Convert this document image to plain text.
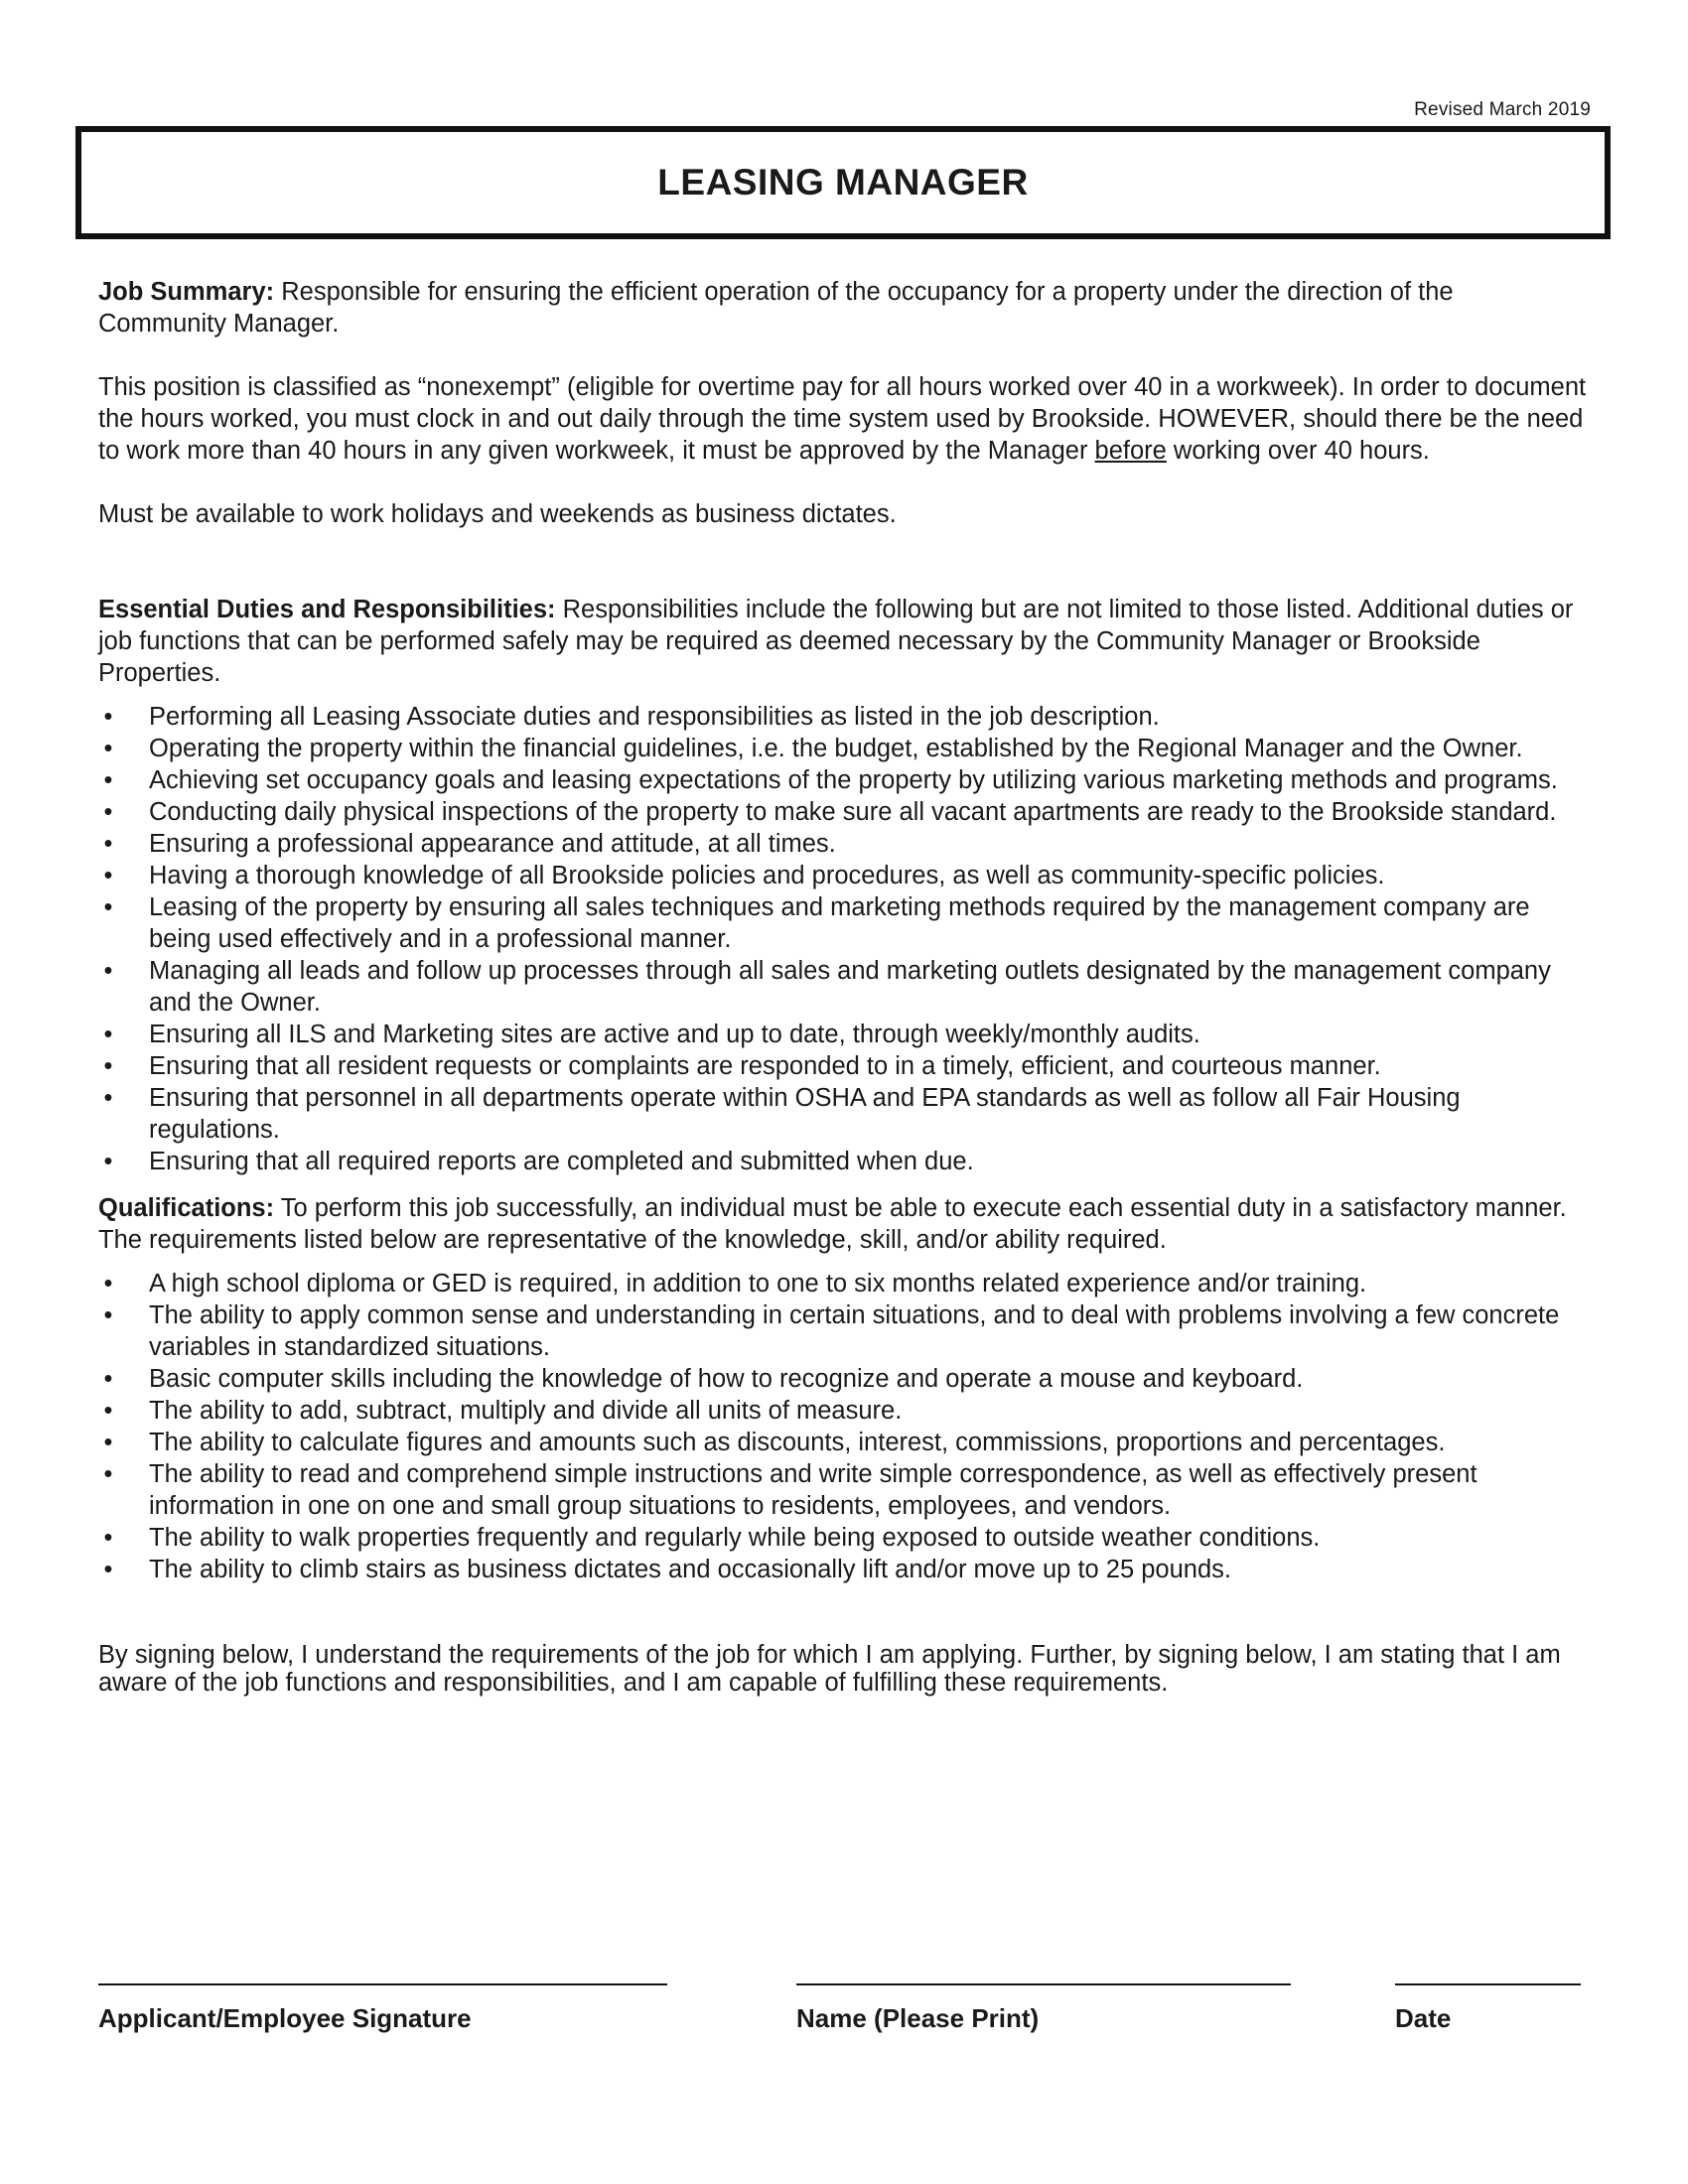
Revised March 2019
LEASING MANAGER

Job Summary: Responsible for ensuring the efficient operation of the occupancy for a property under the direction of the Community Manager.

This position is classified as “nonexempt” (eligible for overtime pay for all hours worked over 40 in a workweek). In order to document the hours worked, you must clock in and out daily through the time system used by Brookside. HOWEVER, should there be the need to work more than 40 hours in any given workweek, it must be approved by the Manager before working over 40 hours.

Must be available to work holidays and weekends as business dictates.

Essential Duties and Responsibilities: Responsibilities include the following but are not limited to those listed. Additional duties or job functions that can be performed safely may be required as deemed necessary by the Community Manager or Brookside Properties.

• Performing all Leasing Associate duties and responsibilities as listed in the job description.
• Operating the property within the financial guidelines, i.e. the budget, established by the Regional Manager and the Owner.
• Achieving set occupancy goals and leasing expectations of the property by utilizing various marketing methods and programs.
• Conducting daily physical inspections of the property to make sure all vacant apartments are ready to the Brookside standard.
• Ensuring a professional appearance and attitude, at all times.
• Having a thorough knowledge of all Brookside policies and procedures, as well as community-specific policies.
• Leasing of the property by ensuring all sales techniques and marketing methods required by the management company are being used effectively and in a professional manner.
• Managing all leads and follow up processes through all sales and marketing outlets designated by the management company and the Owner.
• Ensuring all ILS and Marketing sites are active and up to date, through weekly/monthly audits.
• Ensuring that all resident requests or complaints are responded to in a timely, efficient, and courteous manner.
• Ensuring that personnel in all departments operate within OSHA and EPA standards as well as follow all Fair Housing regulations.
• Ensuring that all required reports are completed and submitted when due.

Qualifications: To perform this job successfully, an individual must be able to execute each essential duty in a satisfactory manner. The requirements listed below are representative of the knowledge, skill, and/or ability required.

• A high school diploma or GED is required, in addition to one to six months related experience and/or training.
• The ability to apply common sense and understanding in certain situations, and to deal with problems involving a few concrete variables in standardized situations.
• Basic computer skills including the knowledge of how to recognize and operate a mouse and keyboard.
• The ability to add, subtract, multiply and divide all units of measure.
• The ability to calculate figures and amounts such as discounts, interest, commissions, proportions and percentages.
• The ability to read and comprehend simple instructions and write simple correspondence, as well as effectively present information in one on one and small group situations to residents, employees, and vendors.
• The ability to walk properties frequently and regularly while being exposed to outside weather conditions.
• The ability to climb stairs as business dictates and occasionally lift and/or move up to 25 pounds.

By signing below, I understand the requirements of the job for which I am applying. Further, by signing below, I am stating that I am aware of the job functions and responsibilities, and I am capable of fulfilling these requirements.

Applicant/Employee Signature	Name (Please Print)	Date
